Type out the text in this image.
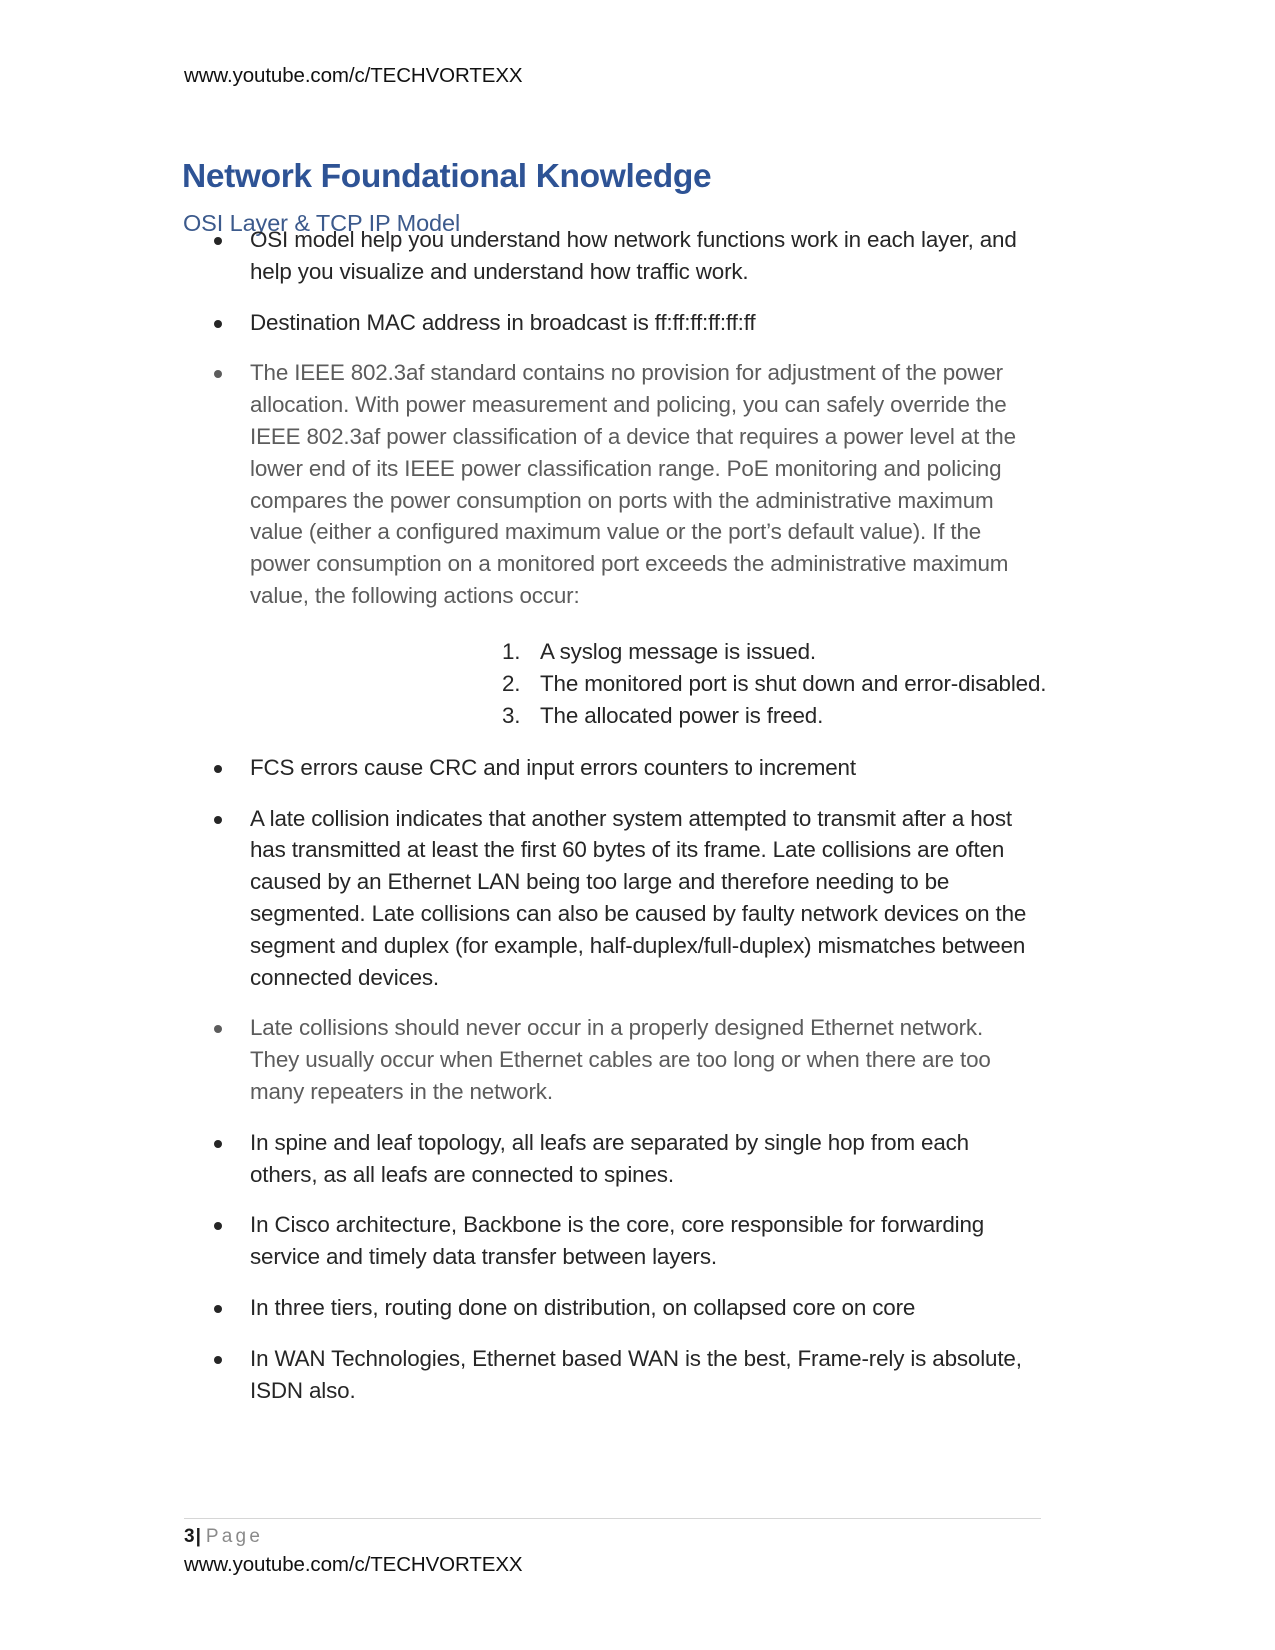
www.youtube.com/c/TECHVORTEXX
Network Foundational Knowledge
OSI Layer & TCP IP Model
OSI model help you understand how network functions work in each layer, and help you visualize and understand how traffic work.
Destination MAC address in broadcast is ff:ff:ff:ff:ff:ff
The IEEE 802.3af standard contains no provision for adjustment of the power allocation. With power measurement and policing, you can safely override the IEEE 802.3af power classification of a device that requires a power level at the lower end of its IEEE power classification range. PoE monitoring and policing compares the power consumption on ports with the administrative maximum value (either a configured maximum value or the port’s default value). If the power consumption on a monitored port exceeds the administrative maximum value, the following actions occur:
1. A syslog message is issued.
2. The monitored port is shut down and error-disabled.
3. The allocated power is freed.
FCS errors cause CRC and input errors counters to increment
A late collision indicates that another system attempted to transmit after a host has transmitted at least the first 60 bytes of its frame. Late collisions are often caused by an Ethernet LAN being too large and therefore needing to be segmented. Late collisions can also be caused by faulty network devices on the segment and duplex (for example, half-duplex/full-duplex) mismatches between connected devices.
Late collisions should never occur in a properly designed Ethernet network. They usually occur when Ethernet cables are too long or when there are too many repeaters in the network.
In spine and leaf topology, all leafs are separated by single hop from each others, as all leafs are connected to spines.
In Cisco architecture, Backbone is the core, core responsible for forwarding service and timely data transfer between layers.
In three tiers, routing done on distribution, on collapsed core on core
In WAN Technologies, Ethernet based WAN is the best, Frame-rely is absolute, ISDN also.
3| Page
www.youtube.com/c/TECHVORTEXX
